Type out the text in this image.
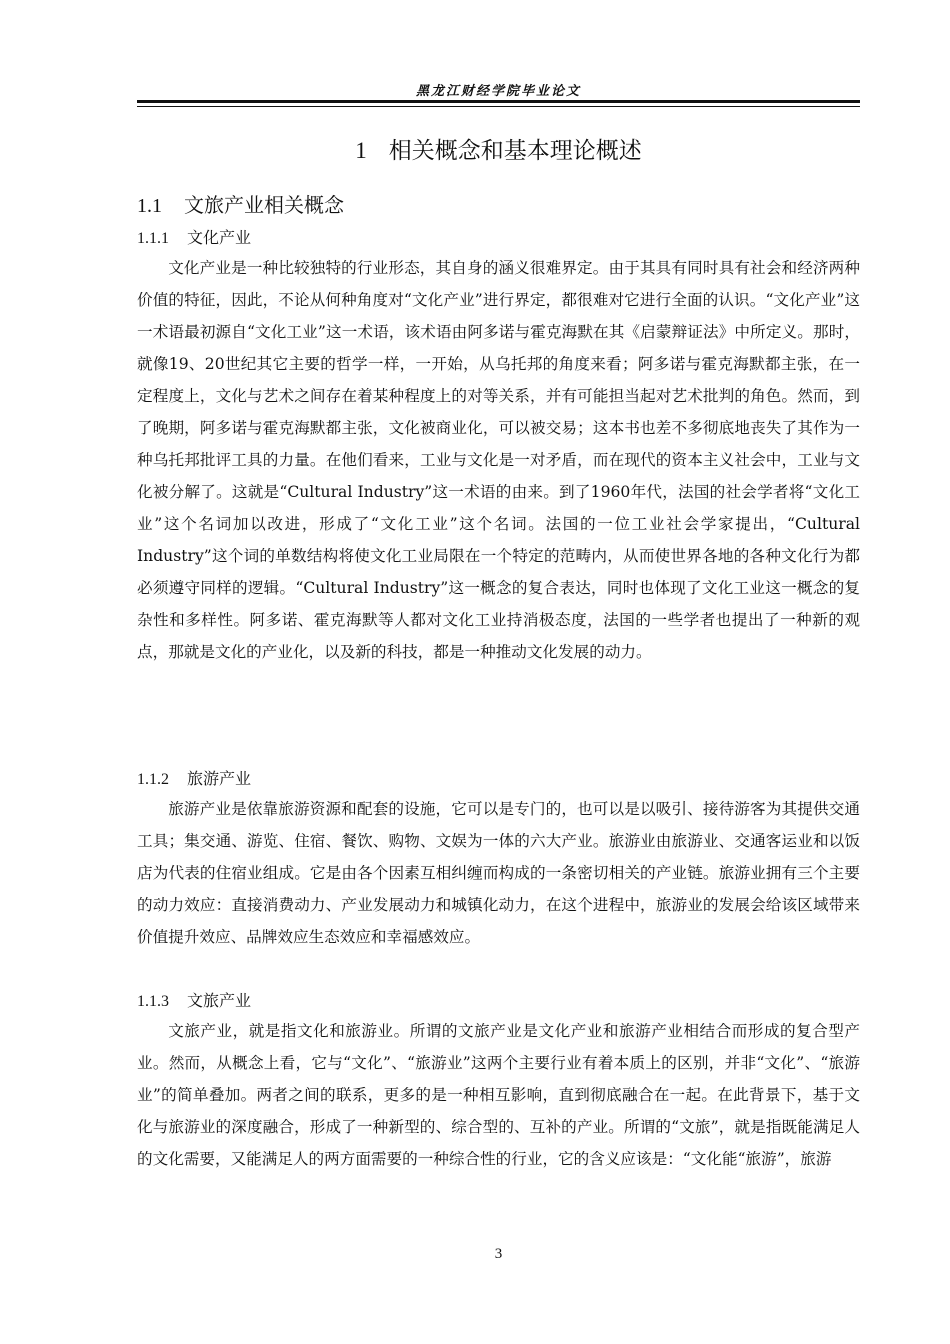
黑龙江财经学院毕业论文
1 相关概念和基本理论概述
1.1 文旅产业相关概念
1.1.1 文化产业

文化产业是一种比较独特的行业形态，其自身的涵义很难界定。由于其具有同时具有社会和经济两种价值的特征，因此，不论从何种角度对“文化产业”进行界定，都很难对它进行全面的认识。“文化产业”这一术语最初源自“文化工业”这一术语，该术语由阿多诺与霍克海默在其《启蒙辩证法》中所定义。那时，就像19、20世纪其它主要的哲学一样，一开始，从乌托邦的角度来看；阿多诺与霍克海默都主张，在一定程度上，文化与艺术之间存在着某种程度上的对等关系，并有可能担当起对艺术批判的角色。然而，到了晚期，阿多诺与霍克海默都主张，文化被商业化，可以被交易；这本书也差不多彻底地丧失了其作为一种乌托邦批评工具的力量。在他们看来，工业与文化是一对矛盾，而在现代的资本主义社会中，工业与文化被分解了。这就是“Cultural Industry”这一术语的由来。到了1960年代，法国的社会学者将“文化工业”这个名词加以改进，形成了“文化工业”这个名词。法国的一位工业社会学家提出，“Cultural Industry”这个词的单数结构将使文化工业局限在一个特定的范畴内，从而使世界各地的各种文化行为都必须遵守同样的逻辑。“Cultural Industry”这一概念的复合表达，同时也体现了文化工业这一概念的复杂性和多样性。阿多诺、霍克海默等人都对文化工业持消极态度，法国的一些学者也提出了一种新的观点，那就是文化的产业化，以及新的科技，都是一种推动文化发展的动力。

1.1.2 旅游产业

旅游产业是依靠旅游资源和配套的设施，它可以是专门的，也可以是以吸引、接待游客为其提供交通工具；集交通、游览、住宿、餐饮、购物、文娱为一体的六大产业。旅游业由旅游业、交通客运业和以饭店为代表的住宿业组成。它是由各个因素互相纠缠而构成的一条密切相关的产业链。旅游业拥有三个主要的动力效应：直接消费动力、产业发展动力和城镇化动力，在这个进程中，旅游业的发展会给该区域带来价值提升效应、品牌效应生态效应和幸福感效应。

1.1.3 文旅产业

文旅产业，就是指文化和旅游业。所谓的文旅产业是文化产业和旅游产业相结合而形成的复合型产业。然而，从概念上看，它与“文化”、“旅游业”这两个主要行业有着本质上的区别，并非“文化”、“旅游业”的简单叠加。两者之间的联系，更多的是一种相互影响，直到彻底融合在一起。在此背景下，基于文化与旅游业的深度融合，形成了一种新型的、综合型的、互补的产业。所谓的“文旅”，就是指既能满足人的文化需要，又能满足人的两方面需要的一种综合性的行业，它的含义应该是：“文化能“旅游”，旅游

3
